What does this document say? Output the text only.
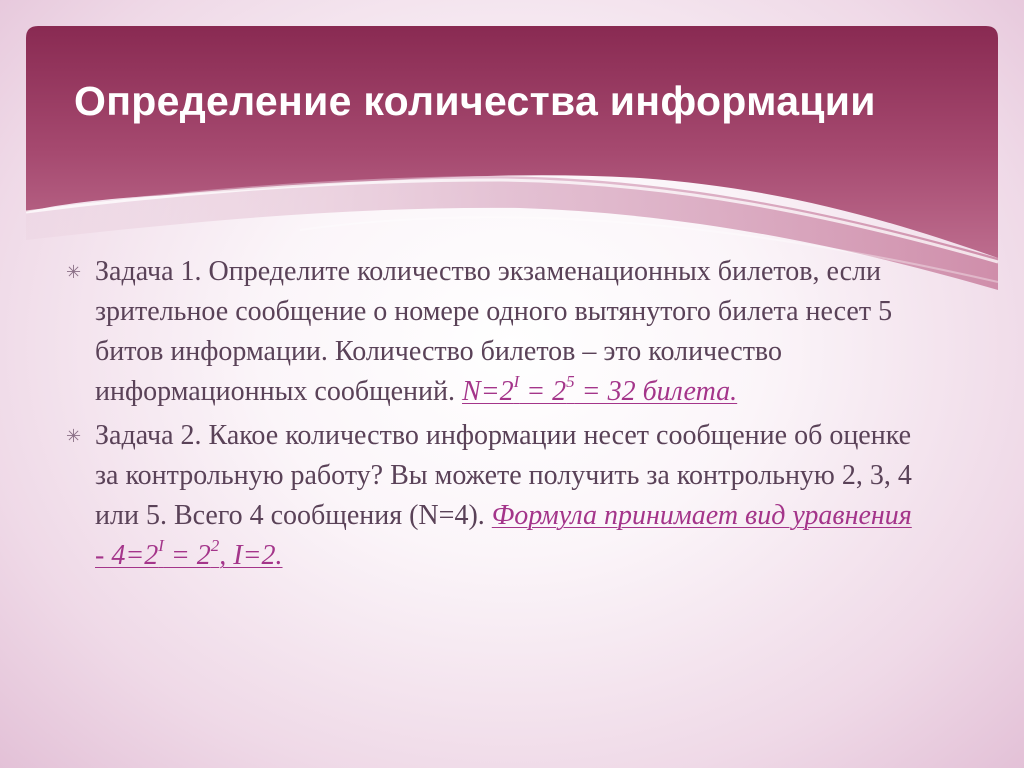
Определение количества информации

✳ Задача 1. Определите количество экзаменационных билетов, если зрительное сообщение о номере одного вытянутого билета несет 5 битов информации. Количество билетов – это количество информационных сообщений. $N=2^I = 2^5 = 32$ билета.

✳ Задача 2. Какое количество информации несет сообщение об оценке за контрольную работу? Вы можете получить за контрольную 2, 3, 4 или 5. Всего 4 сообщения (N=4). Формула принимает вид уравнения - $4=2^I = 2^2$, I=2.
